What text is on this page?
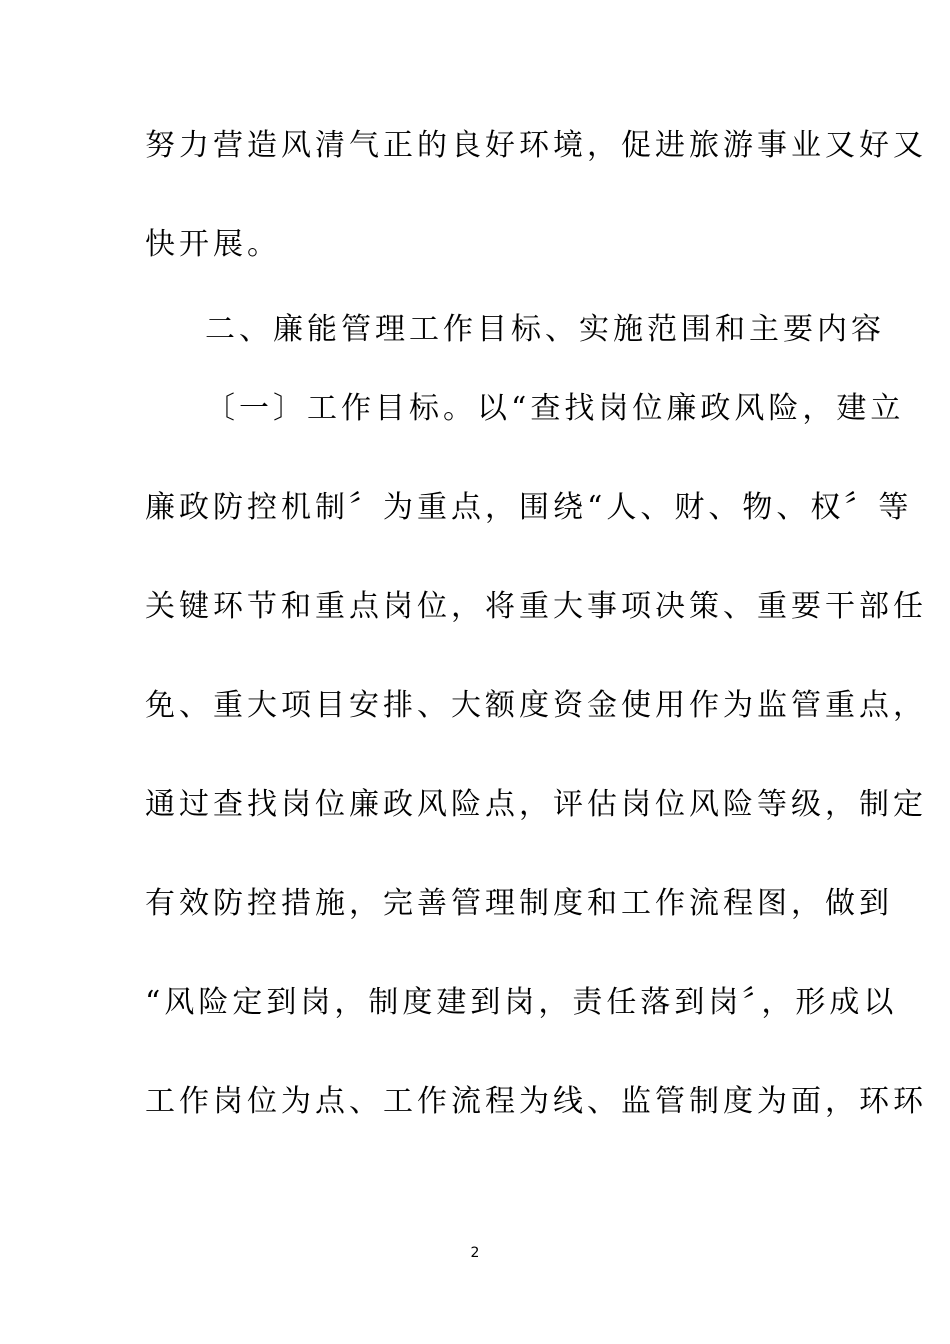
努力营造风清气正的良好环境，促进旅游事业又好又
快开展。
二、廉能管理工作目标、实施范围和主要内容
〔一〕工作目标。以“查找岗位廉政风险，建立
廉政防控机制〞为重点，围绕“人、财、物、权〞等
关键环节和重点岗位，将重大事项决策、重要干部任
免、重大项目安排、大额度资金使用作为监管重点，
通过查找岗位廉政风险点，评估岗位风险等级，制定
有效防控措施，完善管理制度和工作流程图，做到
“风险定到岗，制度建到岗，责任落到岗〞，形成以
工作岗位为点、工作流程为线、监管制度为面，环环
2
